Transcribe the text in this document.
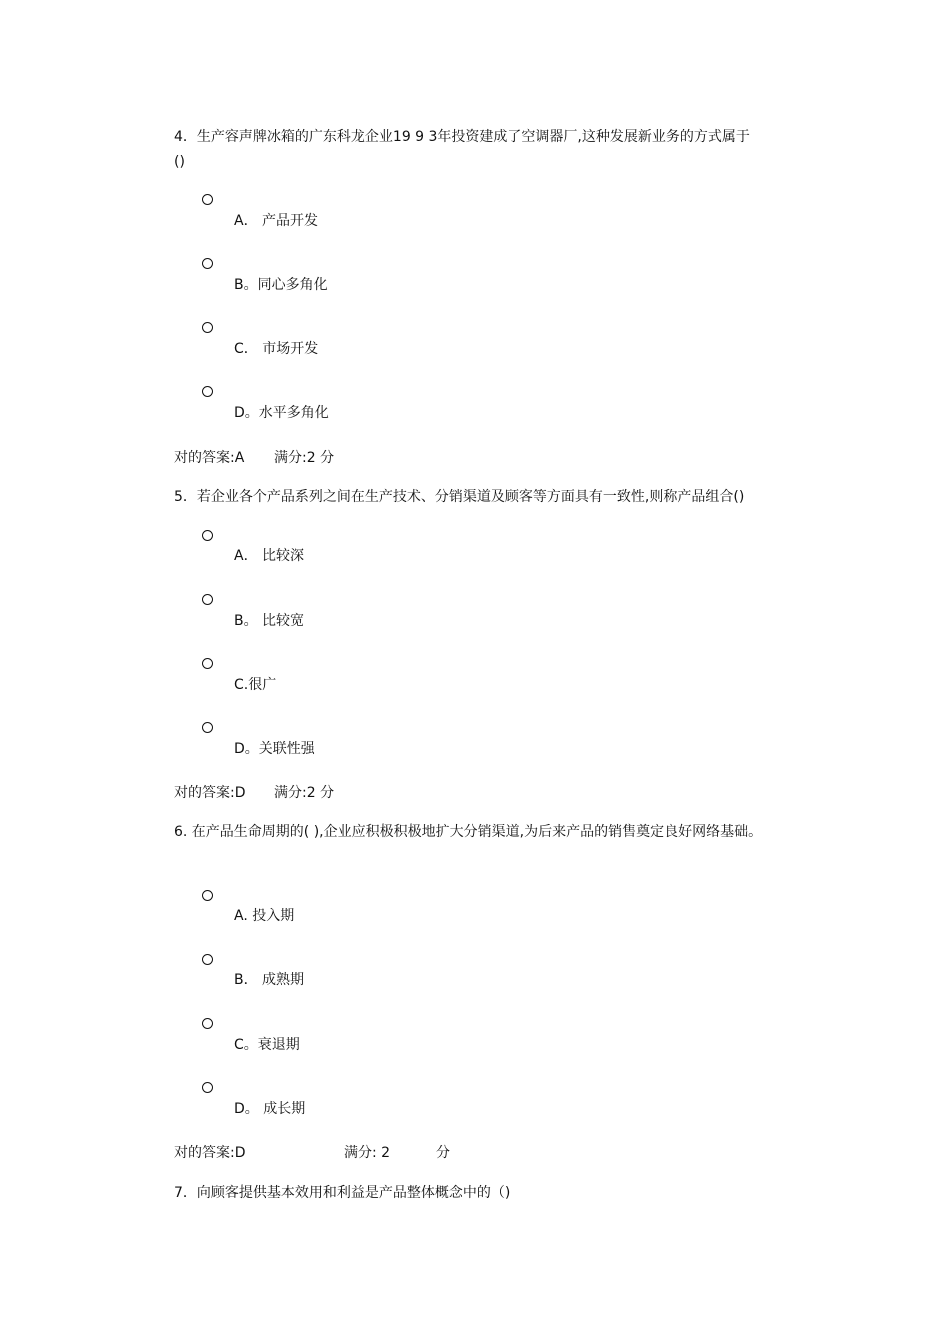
4．生产容声牌冰箱的广东科龙企业19 9 3年投资建成了空调器厂,这种发展新业务的方式属于
()
A． 产品开发
B。同心多角化
C． 市场开发
D。水平多角化
对的答案:A 满分:2 分
5．若企业各个产品系列之间在生产技术、分销渠道及顾客等方面具有一致性,则称产品组合()
A． 比较深
B。 比较宽
C.很广
D。关联性强
对的答案:D 满分:2 分
6. 在产品生命周期的( ),企业应积极积极地扩大分销渠道,为后来产品的销售奠定良好网络基础。
A. 投入期
B． 成熟期
C。衰退期
D。 成长期
对的答案:D	满分: 2	分
7．向顾客提供基本效用和利益是产品整体概念中的（)
